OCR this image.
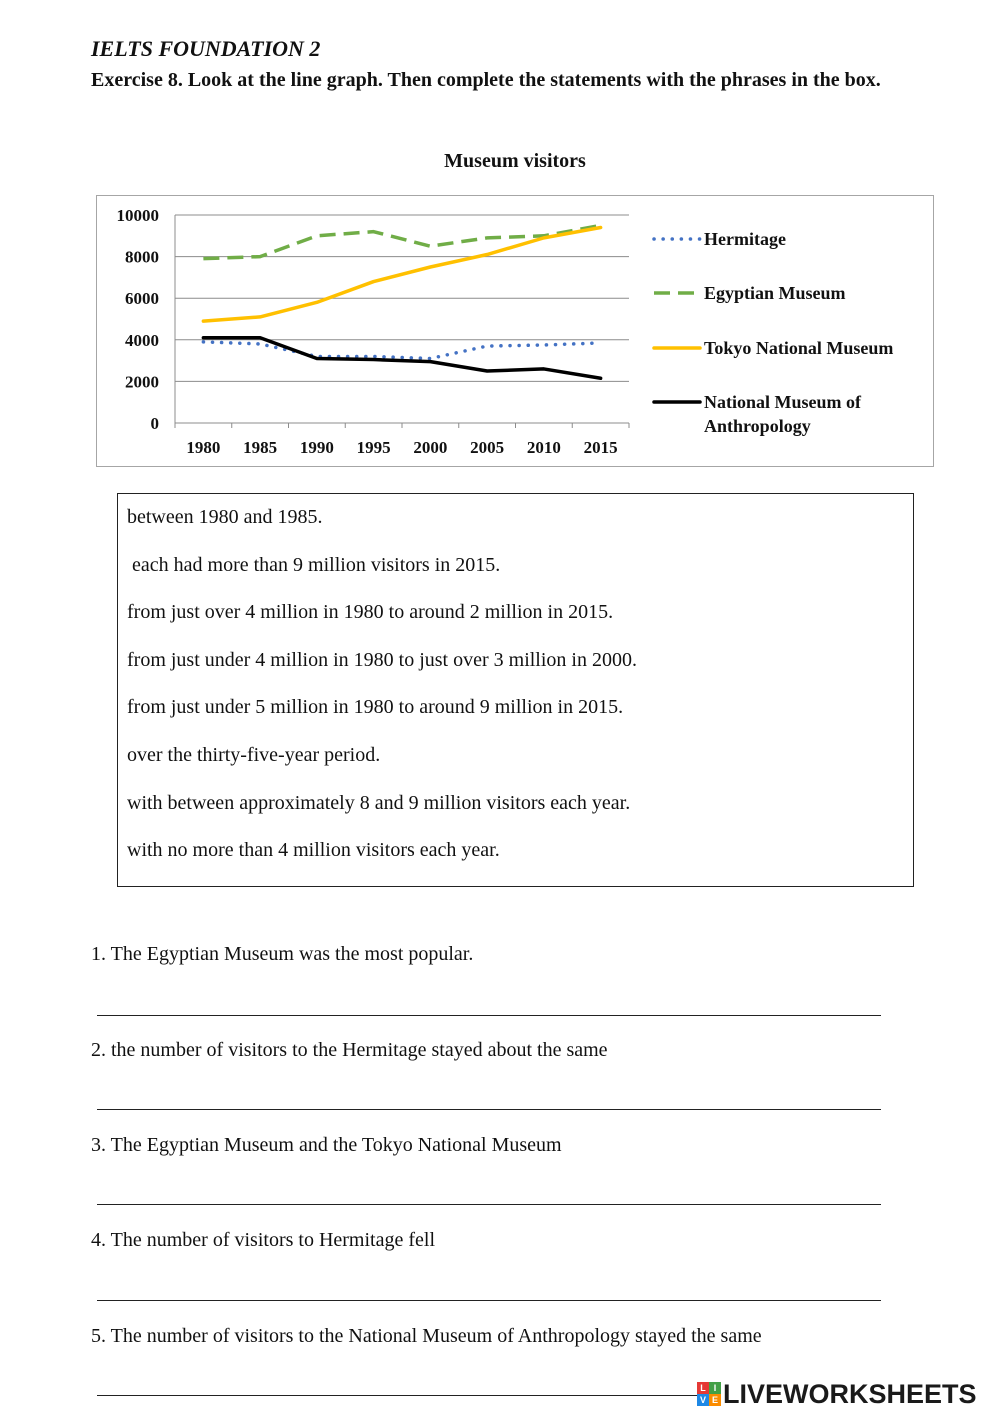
IELTS FOUNDATION 2
Exercise 8. Look at the line graph. Then complete the statements with the phrases in the box.
Museum visitors
0
2000
4000
6000
8000
10000
1980 1985 1990 1995 2000 2005 2010 2015
Hermitage
Egyptian Museum
Tokyo National Museum
National Museum of
Anthropology
between 1980 and 1985.
each had more than 9 million visitors in 2015.
from just over 4 million in 1980 to around 2 million in 2015.
from just under 4 million in 1980 to just over 3 million in 2000.
from just under 5 million in 1980 to around 9 million in 2015.
over the thirty-five-year period.
with between approximately 8 and 9 million visitors each year.
with no more than 4 million visitors each year.
1. The Egyptian Museum was the most popular.
2. the number of visitors to the Hermitage stayed about the same
3. The Egyptian Museum and the Tokyo National Museum
4. The number of visitors to Hermitage fell
5. The number of visitors to the National Museum of Anthropology stayed the same
L I
V E LIVEWORKSHEETS
